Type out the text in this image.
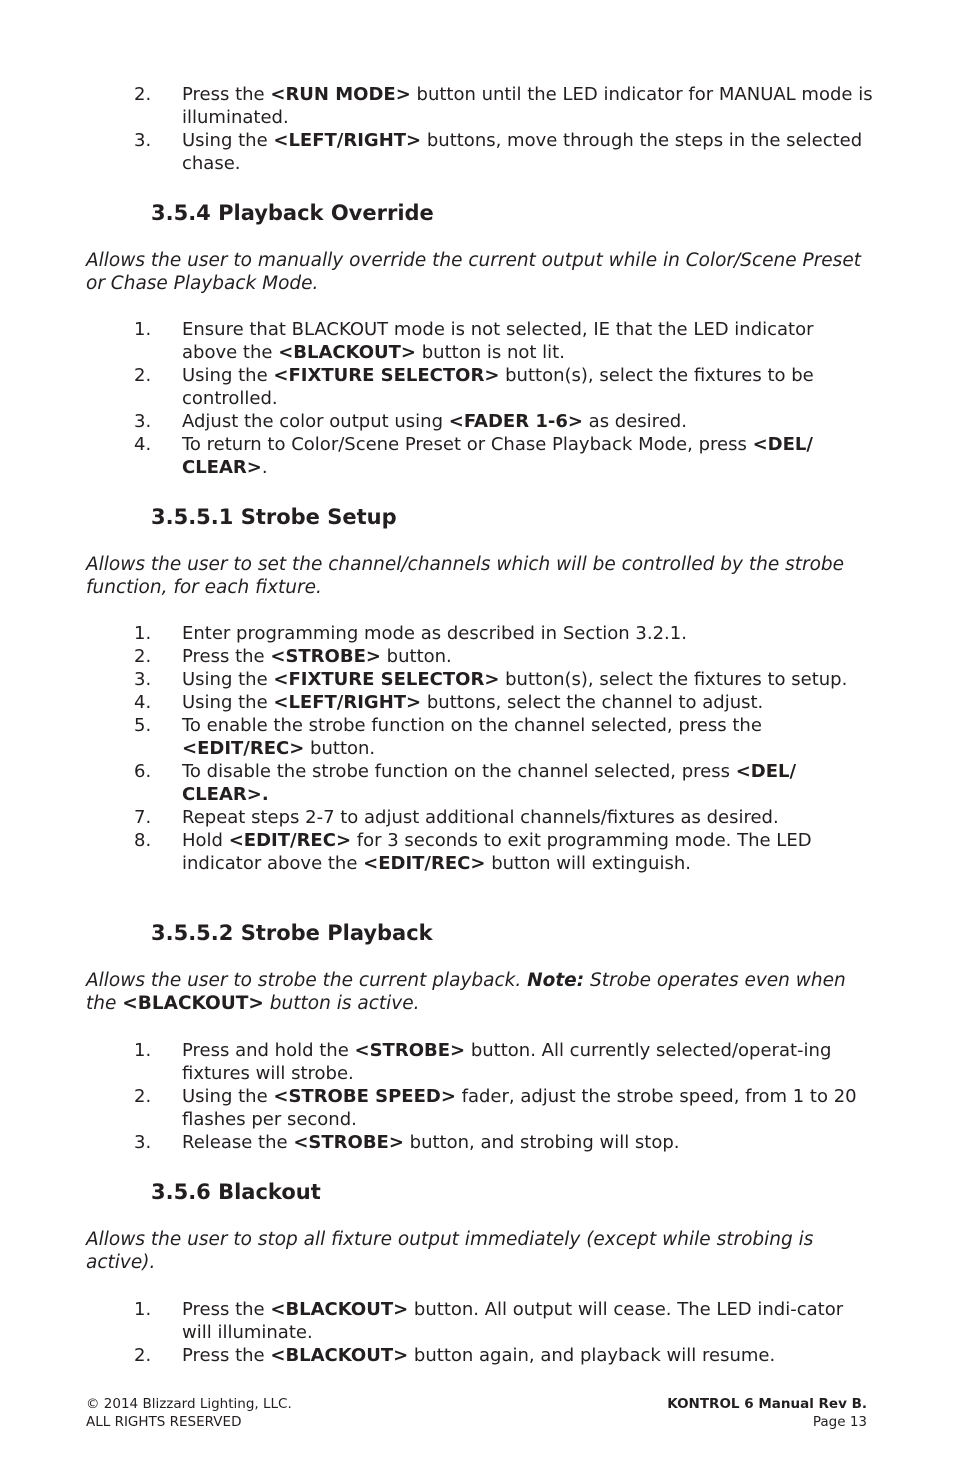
2. Press the <RUN MODE> button until the LED indicator for MANUAL mode is illuminated.
3. Using the <LEFT/RIGHT> buttons, move through the steps in the selected chase.
3.5.4 Playback Override

Allows the user to manually override the current output while in Color/Scene Preset or Chase Playback Mode.

1. Ensure that BLACKOUT mode is not selected, IE that the LED indicator above the <BLACKOUT> button is not lit.
2. Using the <FIXTURE SELECTOR> button(s), select the fixtures to be controlled.
3. Adjust the color output using <FADER 1-6> as desired.
4. To return to Color/Scene Preset or Chase Playback Mode, press <DEL/ CLEAR>.
3.5.5.1 Strobe Setup

Allows the user to set the channel/channels which will be controlled by the strobe function, for each fixture.

1. Enter programming mode as described in Section 3.2.1.
2. Press the <STROBE> button.
3. Using the <FIXTURE SELECTOR> button(s), select the fixtures to setup.
4. Using the <LEFT/RIGHT> buttons, select the channel to adjust.
5. To enable the strobe function on the channel selected, press the <EDIT/REC> button.
6. To disable the strobe function on the channel selected, press <DEL/ CLEAR>.
7. Repeat steps 2-7 to adjust additional channels/fixtures as desired.
8. Hold <EDIT/REC> for 3 seconds to exit programming mode. The LED indicator above the <EDIT/REC> button will extinguish.
3.5.5.2 Strobe Playback

Allows the user to strobe the current playback. Note: Strobe operates even when the <BLACKOUT> button is active.

1. Press and hold the <STROBE> button. All currently selected/operat-ing fixtures will strobe.
2. Using the <STROBE SPEED> fader, adjust the strobe speed, from 1 to 20 flashes per second.
3. Release the <STROBE> button, and strobing will stop.
3.5.6 Blackout

Allows the user to stop all fixture output immediately (except while strobing is active).

1. Press the <BLACKOUT> button. All output will cease. The LED indi-cator will illuminate.
2. Press the <BLACKOUT> button again, and playback will resume.
© 2014 Blizzard Lighting, LLC.
ALL RIGHTS RESERVED
KONTROL 6 Manual Rev B.
Page 13
